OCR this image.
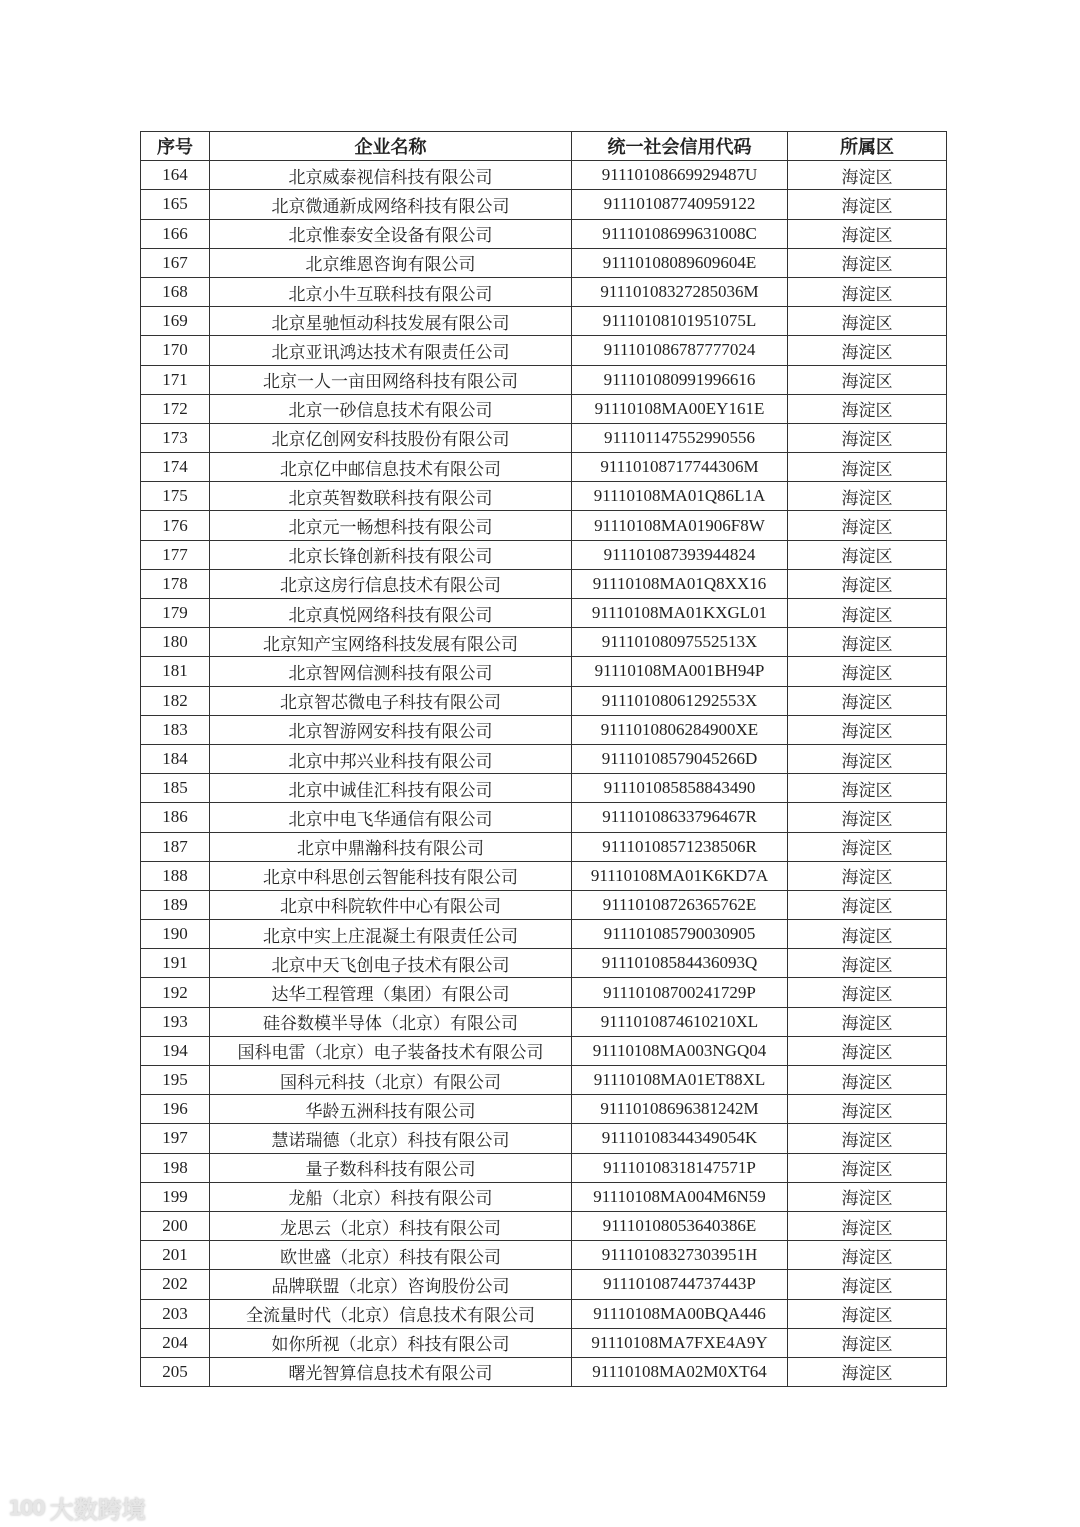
序号	企业名称	统一社会信用代码	所属区
164	北京威泰视信科技有限公司	91110108669929487U	海淀区
165	北京微通新成网络科技有限公司	91110108774095912​2	海淀区
166	北京惟泰安全设备有限公司	91110108699631008C	海淀区
167	北京维恩咨询有限公司	91110108089609604E	海淀区
168	北京小牛互联科技有限公司	91110108327285036M	海淀区
169	北京星驰恒动科技发展有限公司	91110108101951075L	海淀区
170	北京亚讯鸿达技术有限责任公司	911101086787777024	海淀区
171	北京一人一亩田网络科技有限公司	911101080991996616	海淀区
172	北京一砂信息技术有限公司	91110108MA00EY161E	海淀区
173	北京亿创网安科技股份有限公司	911101147552990556	海淀区
174	北京亿中邮信息技术有限公司	91110108717744306M	海淀区
175	北京英智数联科技有限公司	91110108MA01Q86L1A	海淀区
176	北京元一畅想科技有限公司	91110108MA01906F8W	海淀区
177	北京长锋创新科技有限公司	911101087393944824	海淀区
178	北京这房行信息技术有限公司	91110108MA01Q8XX16	海淀区
179	北京真悦网络科技有限公司	91110108MA01KXGL01	海淀区
180	北京知产宝网络科技发展有限公司	91110108097552513X	海淀区
181	北京智网信测科技有限公司	91110108MA001BH94P	海淀区
182	北京智芯微电子科技有限公司	91110108061292553X	海淀区
183	北京智游网安科技有限公司	911101080628490​0XE	海淀区
184	北京中邦兴业科技有限公司	91110108579045266D	海淀区
185	北京中诚佳汇科技有限公司	911101085858843490	海淀区
186	北京中电飞华通信有限公司	91110108633796467R	海淀区
187	北京中鼎瀚科技有限公司	91110108571238506R	海淀区
188	北京中科思创云智能科技有限公司	91110108MA01K6KD7A	海淀区
189	北京中科院软件中心有限公司	91110108726365762E	海淀区
190	北京中实上庄混凝土有限责任公司	911101085790030905	海淀区
191	北京中天飞创电子技术有限公司	91110108584436093Q	海淀区
192	达华工程管理（集团）有限公司	91110108700241729P	海淀区
193	硅谷数模半导体（北京）有限公司	9111010874610210XL	海淀区
194	国科电雷（北京）电子装备技术有限公司	91110108MA003NGQ04	海淀区
195	国科元科技（北京）有限公司	91110108MA01ET88XL	海淀区
196	华龄五洲科技有限公司	91110108696381242M	海淀区
197	慧诺瑞德（北京）科技有限公司	91110108344349054K	海淀区
198	量子数科科技有限公司	91110108318147571P	海淀区
199	龙船（北京）科技有限公司	91110108MA004M6N59	海淀区
200	龙思云（北京）科技有限公司	91110108053640386E	海淀区
201	欧世盛（北京）科技有限公司	91110108327303951H	海淀区
202	品牌联盟（北京）咨询股份公司	91110108744737443P	海淀区
203	全流量时代（北京）信息技术有限公司	91110108MA00BQA446	海淀区
204	如你所视（北京）科技有限公司	91110108MA7FXE4A9Y	海淀区
205	曙光智算信息技术有限公司	91110108MA02M0XT64	海淀区
100 大数跨境
